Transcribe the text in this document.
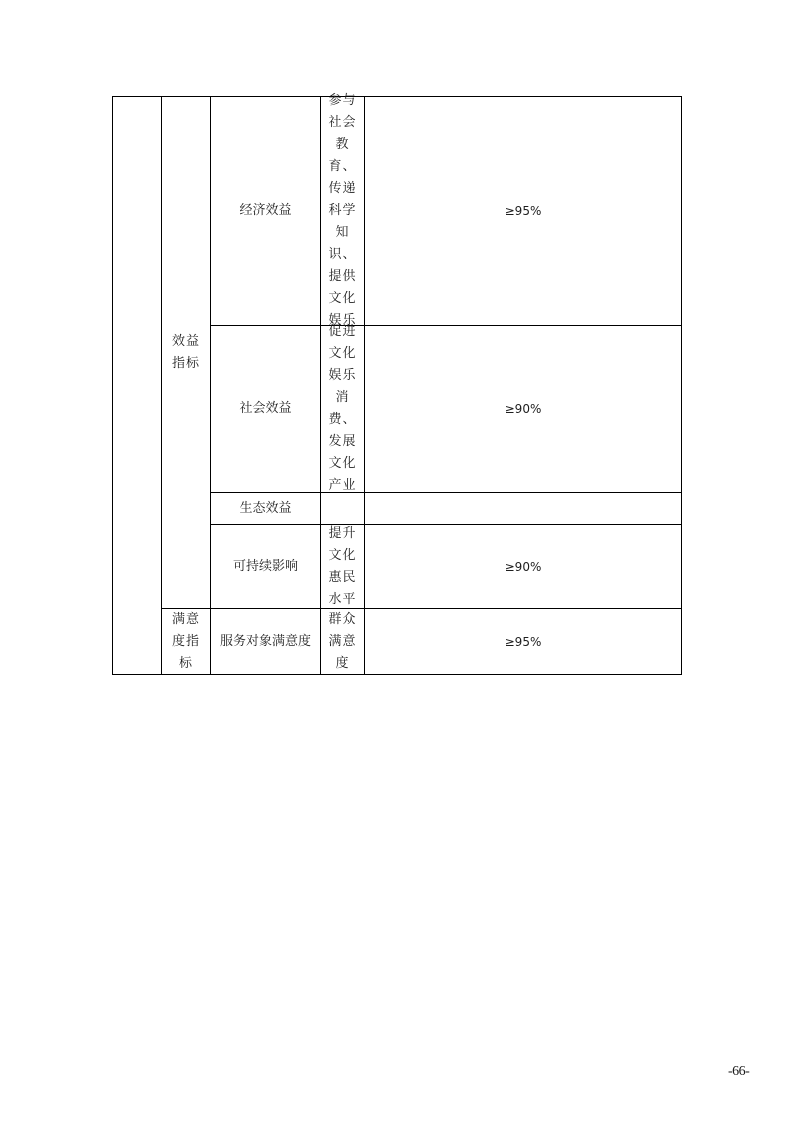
效益指标
满意度指标
经济效益
参与社会教育、传递科学知识、提供文化娱乐
≥95%
社会效益
促进文化娱乐消费、发展文化产业
≥90%
生态效益
可持续影响
提升文化惠民水平
≥90%
服务对象满意度
群众满意度
≥95%
-66-
